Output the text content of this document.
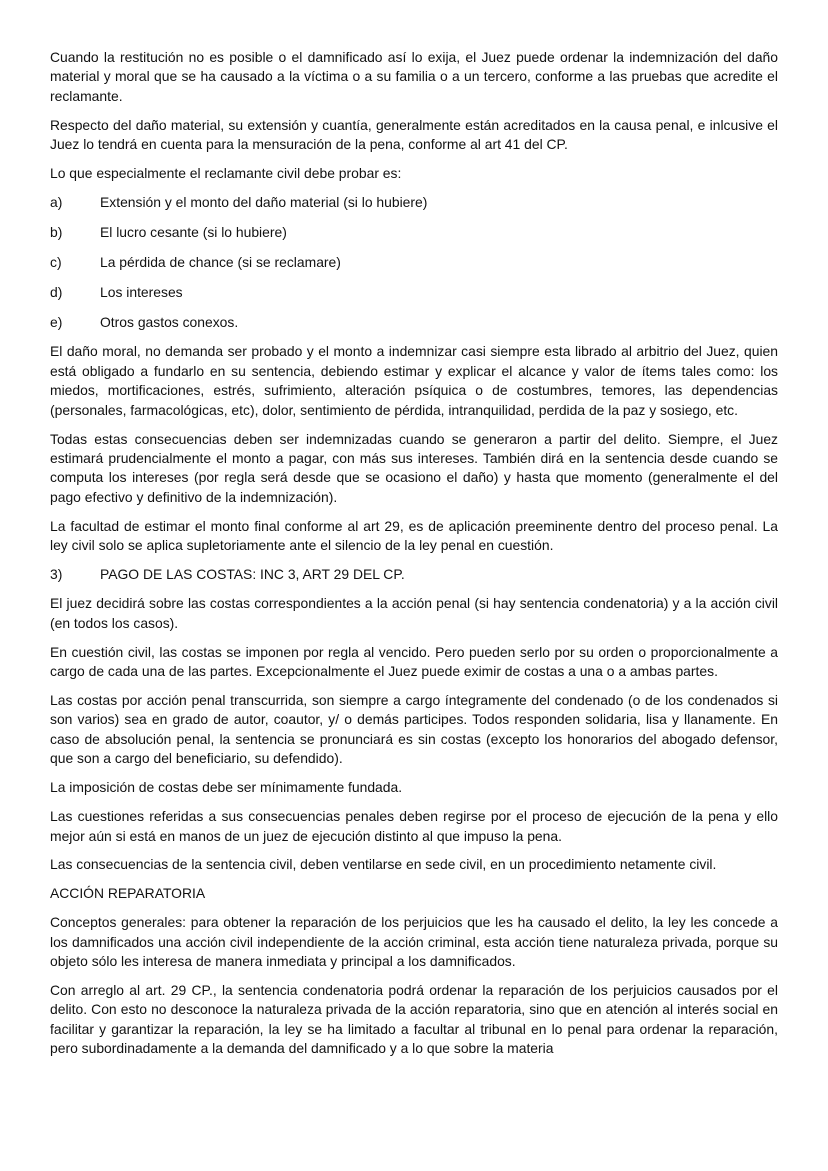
Cuando la restitución no es posible o el damnificado así lo exija, el Juez puede ordenar la indemnización del daño material y moral que se ha causado a la víctima o a su familia o a un tercero, conforme a las pruebas que acredite el reclamante.

Respecto del daño material, su extensión y cuantía, generalmente están acreditados en la causa penal, e inlcusive el Juez lo tendrá en cuenta para la mensuración de la pena, conforme al art 41 del CP.

Lo que especialmente el reclamante civil debe probar es:

a)	Extensión y el monto del daño material (si lo hubiere)
b)	El lucro cesante (si lo hubiere)
c)	La pérdida de chance (si se reclamare)
d)	Los intereses
e)	Otros gastos conexos.

El daño moral, no demanda ser probado y el monto a indemnizar casi siempre esta librado al arbitrio del Juez, quien está obligado a fundarlo en su sentencia, debiendo estimar y explicar el alcance y valor de ítems tales como: los miedos, mortificaciones, estrés, sufrimiento, alteración psíquica o de costumbres, temores, las dependencias (personales, farmacológicas, etc), dolor, sentimiento de pérdida, intranquilidad, perdida de la paz y sosiego, etc.

Todas estas consecuencias deben ser indemnizadas cuando se generaron a partir del delito. Siempre, el Juez estimará prudencialmente el monto a pagar, con más sus intereses. También dirá en la sentencia desde cuando se computa los intereses (por regla será desde que se ocasiono el daño) y hasta que momento (generalmente el del pago efectivo y definitivo de la indemnización).

La facultad de estimar el monto final conforme al art 29, es de aplicación preeminente dentro del proceso penal. La ley civil solo se aplica supletoriamente ante el silencio de la ley penal en cuestión.

3)	PAGO DE LAS COSTAS: INC 3, ART 29 DEL CP.

El juez decidirá sobre las costas correspondientes a la acción penal (si hay sentencia condenatoria) y a la acción civil (en todos los casos).

En cuestión civil, las costas se imponen por regla al vencido. Pero pueden serlo por su orden o proporcionalmente a cargo de cada una de las partes. Excepcionalmente el Juez puede eximir de costas a una o a ambas partes.

Las costas por acción penal transcurrida, son siempre a cargo íntegramente del condenado (o de los condenados si son varios) sea en grado de autor, coautor, y/ o demás participes. Todos responden solidaria, lisa y llanamente. En caso de absolución penal, la sentencia se pronunciará es sin costas (excepto los honorarios del abogado defensor, que son a cargo del beneficiario, su defendido).

La imposición de costas debe ser mínimamente fundada.

Las cuestiones referidas a sus consecuencias penales deben regirse por el proceso de ejecución de la pena y ello mejor aún si está en manos de un juez de ejecución distinto al que impuso la pena.

Las consecuencias de la sentencia civil, deben ventilarse en sede civil, en un procedimiento netamente civil.

ACCIÓN REPARATORIA

Conceptos generales: para obtener la reparación de los perjuicios que les ha causado el delito, la ley les concede a los damnificados una acción civil independiente de la acción criminal, esta acción tiene naturaleza privada, porque su objeto sólo les interesa de manera inmediata y principal a los damnificados.

Con arreglo al art. 29 CP., la sentencia condenatoria podrá ordenar la reparación de los perjuicios causados por el delito. Con esto no desconoce la naturaleza privada de la acción reparatoria, sino que en atención al interés social en facilitar y garantizar la reparación, la ley se ha limitado a facultar al tribunal en lo penal para ordenar la reparación, pero subordinadamente a la demanda del damnificado y a lo que sobre la materia
